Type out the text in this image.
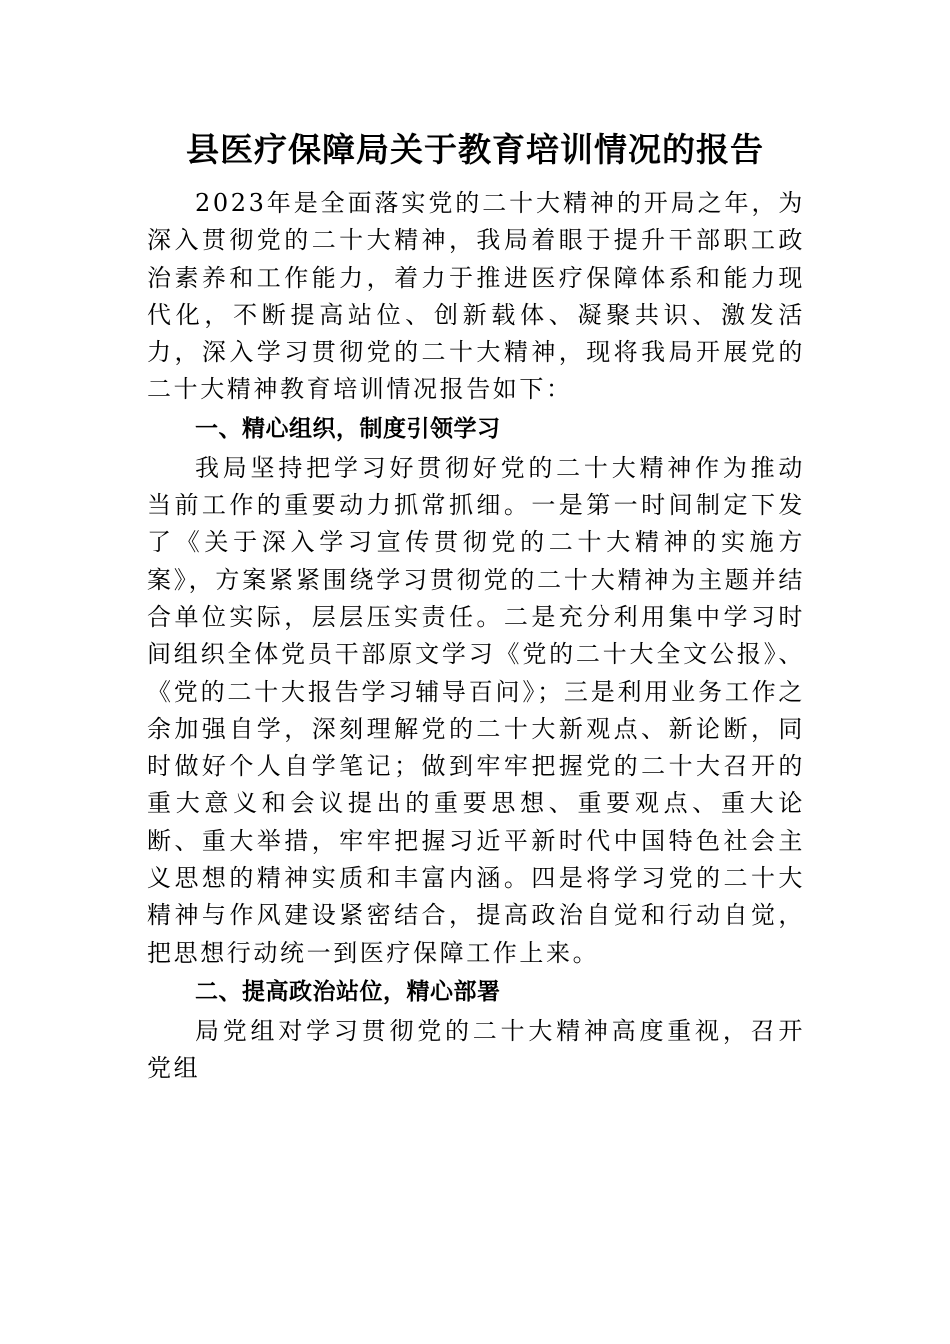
县医疗保障局关于教育培训情况的报告

2023年是全面落实党的二十大精神的开局之年，为深入贯彻党的二十大精神，我局着眼于提升干部职工政治素养和工作能力，着力于推进医疗保障体系和能力现代化，不断提高站位、创新载体、凝聚共识、激发活力，深入学习贯彻党的二十大精神，现将我局开展党的二十大精神教育培训情况报告如下：

一、精心组织，制度引领学习

我局坚持把学习好贯彻好党的二十大精神作为推动当前工作的重要动力抓常抓细。一是第一时间制定下发了《关于深入学习宣传贯彻党的二十大精神的实施方案》，方案紧紧围绕学习贯彻党的二十大精神为主题并结合单位实际，层层压实责任。二是充分利用集中学习时间组织全体党员干部原文学习《党的二十大全文公报》、《党的二十大报告学习辅导百问》；三是利用业务工作之余加强自学，深刻理解党的二十大新观点、新论断，同时做好个人自学笔记；做到牢牢把握党的二十大召开的重大意义和会议提出的重要思想、重要观点、重大论断、重大举措，牢牢把握习近平新时代中国特色社会主义思想的精神实质和丰富内涵。四是将学习党的二十大精神与作风建设紧密结合，提高政治自觉和行动自觉，把思想行动统一到医疗保障工作上来。

二、提高政治站位，精心部署

局党组对学习贯彻党的二十大精神高度重视，召开党组
